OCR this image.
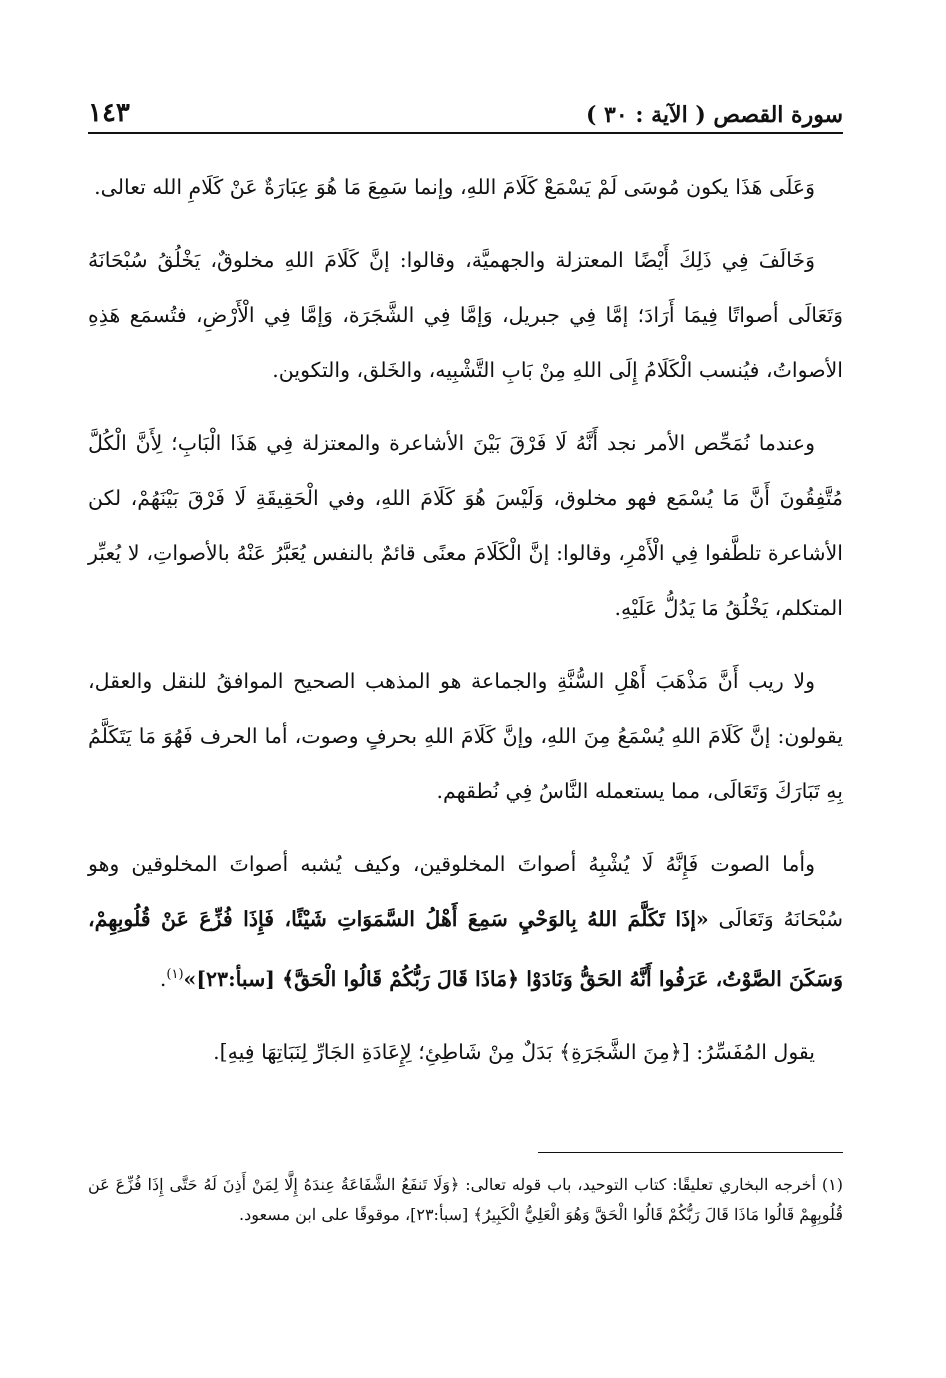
سورة القصص ( الآية : ٣٠ )
١٤٣

وَعَلَى هَذَا يكون مُوسَى لَمْ يَسْمَعْ كَلَامَ اللهِ، وإنما سَمِعَ مَا هُوَ عِبَارَةٌ عَنْ كَلَامِ الله تعالى.

وَخَالَفَ فِي ذَلِكَ أَيْضًا المعتزلة والجهميَّة، وقالوا: إنَّ كَلَامَ اللهِ مخلوقٌ، يَخْلُقُ سُبْحَانَهُ وَتَعَالَى أصواتًا فِيمَا أَرَادَ؛ إمَّا فِي جبريل، وَإمَّا فِي الشَّجَرَة، وَإمَّا فِي الْأَرْضِ، فتُسمَع هَذِهِ الأصواتُ، فيُنسب الْكَلَامُ إِلَى اللهِ مِنْ بَابِ التَّشْبِيه، والخَلق، والتكوين.

وعندما نُمَحِّص الأمر نجد أَنَّهُ لَا فَرْقَ بَيْنَ الأشاعرة والمعتزلة فِي هَذَا الْبَابِ؛ لِأَنَّ الْكُلَّ مُتَّفِقُونَ أَنَّ مَا يُسْمَع فهو مخلوق، وَلَيْسَ هُوَ كَلَامَ اللهِ، وفي الْحَقِيقَةِ لَا فَرْقَ بَيْنَهُمْ، لكن الأشاعرة تلطَّفوا فِي الْأَمْرِ، وقالوا: إنَّ الْكَلَامَ معنًى قائمٌ بالنفس يُعَبَّرُ عَنْهُ بالأصواتِ، لا يُعبِّر المتكلم، يَخْلُقُ مَا يَدُلُّ عَلَيْهِ.

ولا ريب أَنَّ مَذْهَبَ أَهْلِ السُّنَّةِ والجماعة هو المذهب الصحيح الموافقُ للنقل والعقل، يقولون: إنَّ كَلَامَ اللهِ يُسْمَعُ مِنَ اللهِ، وإنَّ كَلَامَ اللهِ بحرفٍ وصوت، أما الحرف فَهُوَ مَا يَتَكَلَّمُ بِهِ تَبَارَكَ وَتَعَالَى، مما يستعمله النَّاسُ فِي نُطقهم.

وأما الصوت فَإِنَّهُ لَا يُشْبِهُ أصواتَ المخلوقين، وكيف يُشبه أصواتَ المخلوقين وهو سُبْحَانَهُ وَتَعَالَى «إذَا تَكَلَّمَ اللهُ بِالوَحْيِ سَمِعَ أَهْلُ السَّمَوَاتِ شَيْئًا، فَإِذَا فُزِّعَ عَنْ قُلُوبِهِمْ، وَسَكَنَ الصَّوْتُ، عَرَفُوا أَنَّهُ الحَقُّ وَنَادَوْا ﴿مَاذَا قَالَ رَبُّكُمْ قَالُوا الْحَقَّ﴾ [سبأ:٢٣]»$^{(١)}$.

يقول المُفَسِّرُ: [﴿مِنَ الشَّجَرَةِ﴾ بَدَلٌ مِنْ شَاطِئِ؛ لِإِعَادَةِ الجَارِّ لِنَبَاتِهَا فِيهِ].

(١) أخرجه البخاري تعليقًا: كتاب التوحيد، باب قوله تعالى: ﴿وَلَا تَنفَعُ الشَّفَاعَةُ عِندَهُ إِلَّا لِمَنْ أَذِنَ لَهُ حَتَّى إِذَا فُزِّعَ عَن قُلُوبِهِمْ قَالُوا مَاذَا قَالَ رَبُّكُمْ قَالُوا الْحَقَّ وَهُوَ الْعَلِيُّ الْكَبِيرُ﴾ [سبأ:٢٣]، موقوفًا على ابن مسعود.
